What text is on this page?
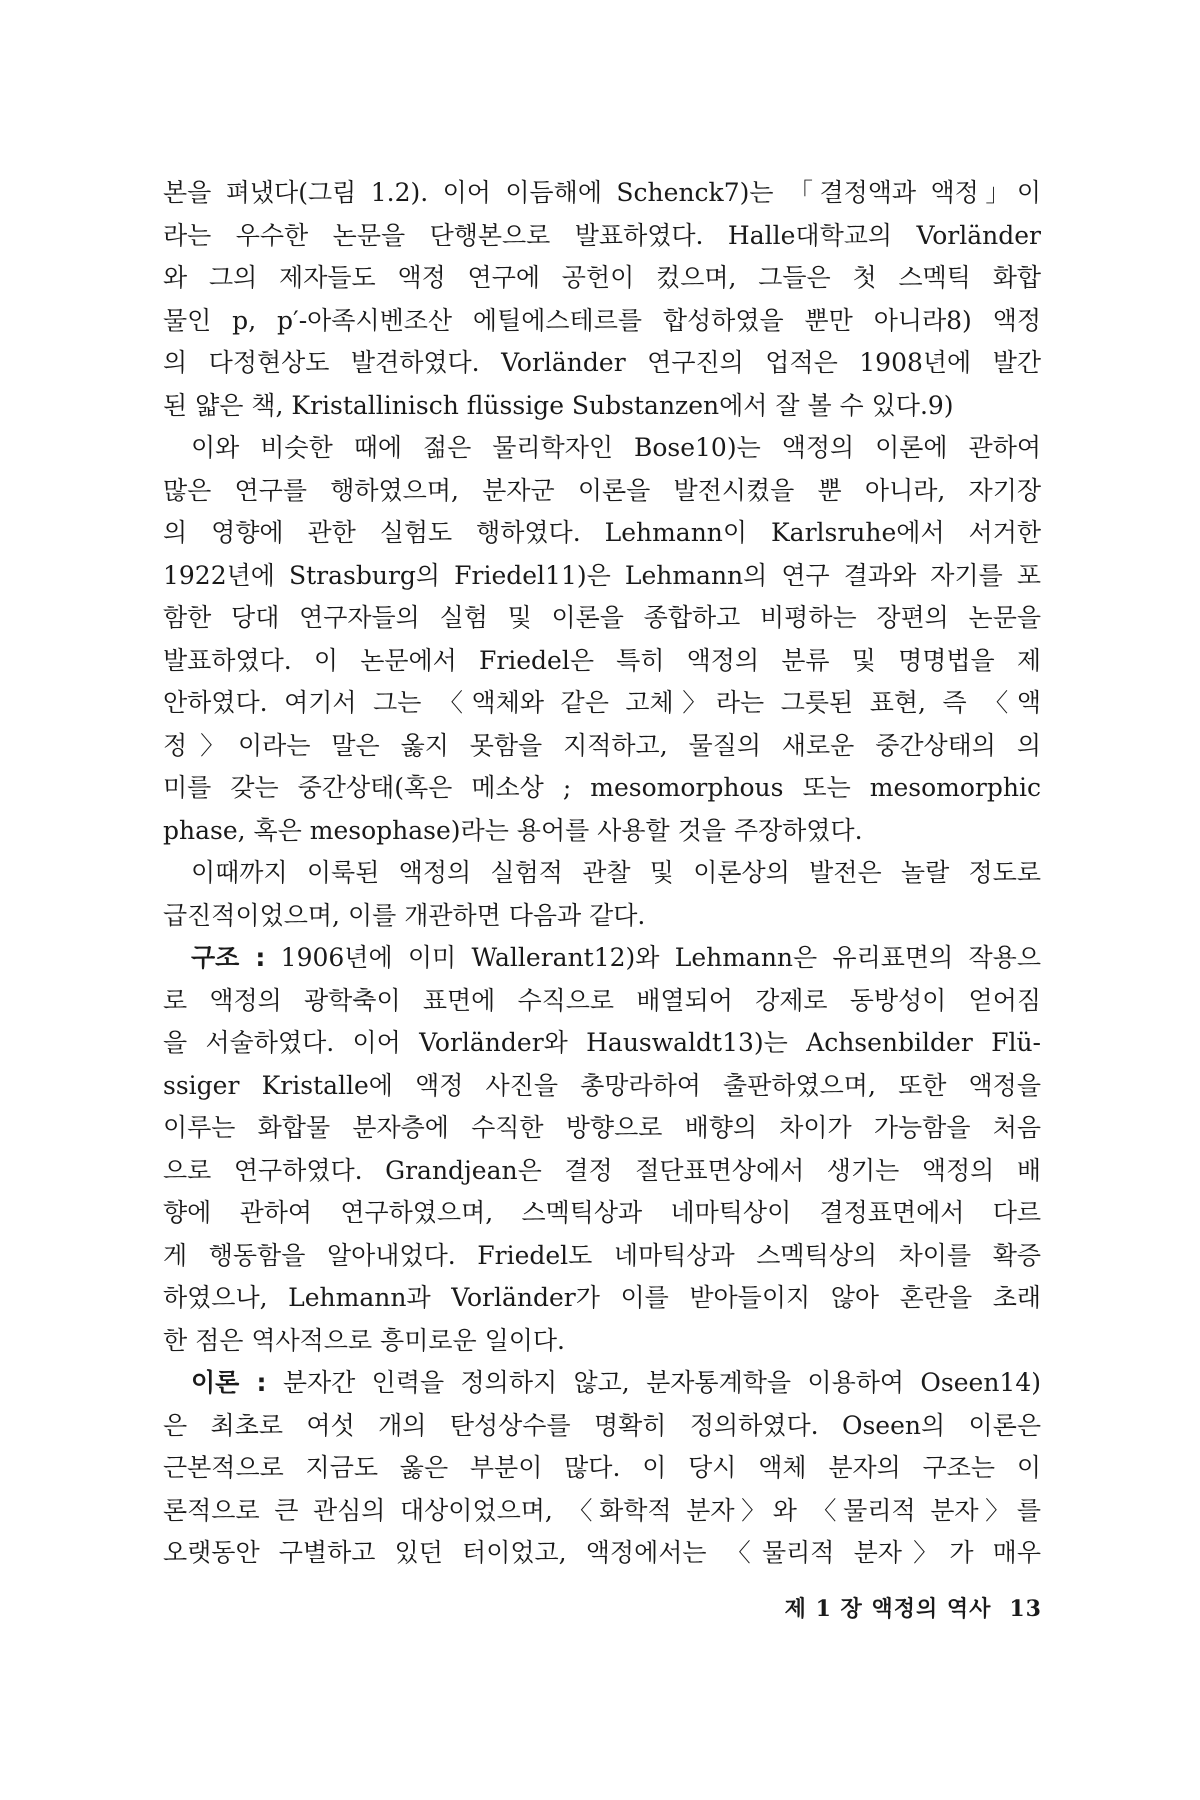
본을 펴냈다(그림 1.2). 이어 이듬해에 Schenck7)는 「결정액과 액정」이
라는 우수한 논문을 단행본으로 발표하였다. Halle대학교의 Vorländer
와 그의 제자들도 액정 연구에 공헌이 컸으며, 그들은 첫 스멕틱 화합
물인 p, p′-아족시벤조산 에틸에스테르를 합성하였을 뿐만 아니라8) 액정
의 다정현상도 발견하였다. Vorländer 연구진의 업적은 1908년에 발간
된 얇은 책, Kristallinisch flüssige Substanzen에서 잘 볼 수 있다.9)

이와 비슷한 때에 젊은 물리학자인 Bose10)는 액정의 이론에 관하여
많은 연구를 행하였으며, 분자군 이론을 발전시켰을 뿐 아니라, 자기장
의 영향에 관한 실험도 행하였다. Lehmann이 Karlsruhe에서 서거한
1922년에 Strasburg의 Friedel11)은 Lehmann의 연구 결과와 자기를 포
함한 당대 연구자들의 실험 및 이론을 종합하고 비평하는 장편의 논문을
발표하였다. 이 논문에서 Friedel은 특히 액정의 분류 및 명명법을 제
안하였다. 여기서 그는 〈액체와 같은 고체〉라는 그릇된 표현, 즉 〈액
정〉이라는 말은 옳지 못함을 지적하고, 물질의 새로운 중간상태의 의
미를 갖는 중간상태(혹은 메소상 ; mesomorphous 또는 mesomorphic
phase, 혹은 mesophase)라는 용어를 사용할 것을 주장하였다.

이때까지 이룩된 액정의 실험적 관찰 및 이론상의 발전은 놀랄 정도로
급진적이었으며, 이를 개관하면 다음과 같다.

구조 : 1906년에 이미 Wallerant12)와 Lehmann은 유리표면의 작용으
로 액정의 광학축이 표면에 수직으로 배열되어 강제로 동방성이 얻어짐
을 서술하였다. 이어 Vorländer와 Hauswaldt13)는 Achsenbilder Flü-
ssiger Kristalle에 액정 사진을 총망라하여 출판하였으며, 또한 액정을
이루는 화합물 분자층에 수직한 방향으로 배향의 차이가 가능함을 처음
으로 연구하였다. Grandjean은 결정 절단표면상에서 생기는 액정의 배
향에 관하여 연구하였으며, 스멕틱상과 네마틱상이 결정표면에서 다르
게 행동함을 알아내었다. Friedel도 네마틱상과 스멕틱상의 차이를 확증
하였으나, Lehmann과 Vorländer가 이를 받아들이지 않아 혼란을 초래
한 점은 역사적으로 흥미로운 일이다.

이론 : 분자간 인력을 정의하지 않고, 분자통계학을 이용하여 Oseen14)
은 최초로 여섯 개의 탄성상수를 명확히 정의하였다. Oseen의 이론은
근본적으로 지금도 옳은 부분이 많다. 이 당시 액체 분자의 구조는 이
론적으로 큰 관심의 대상이었으며, 〈화학적 분자〉와 〈물리적 분자〉를
오랫동안 구별하고 있던 터이었고, 액정에서는 〈물리적 분자〉가 매우

제 1 장 액정의 역사 13
